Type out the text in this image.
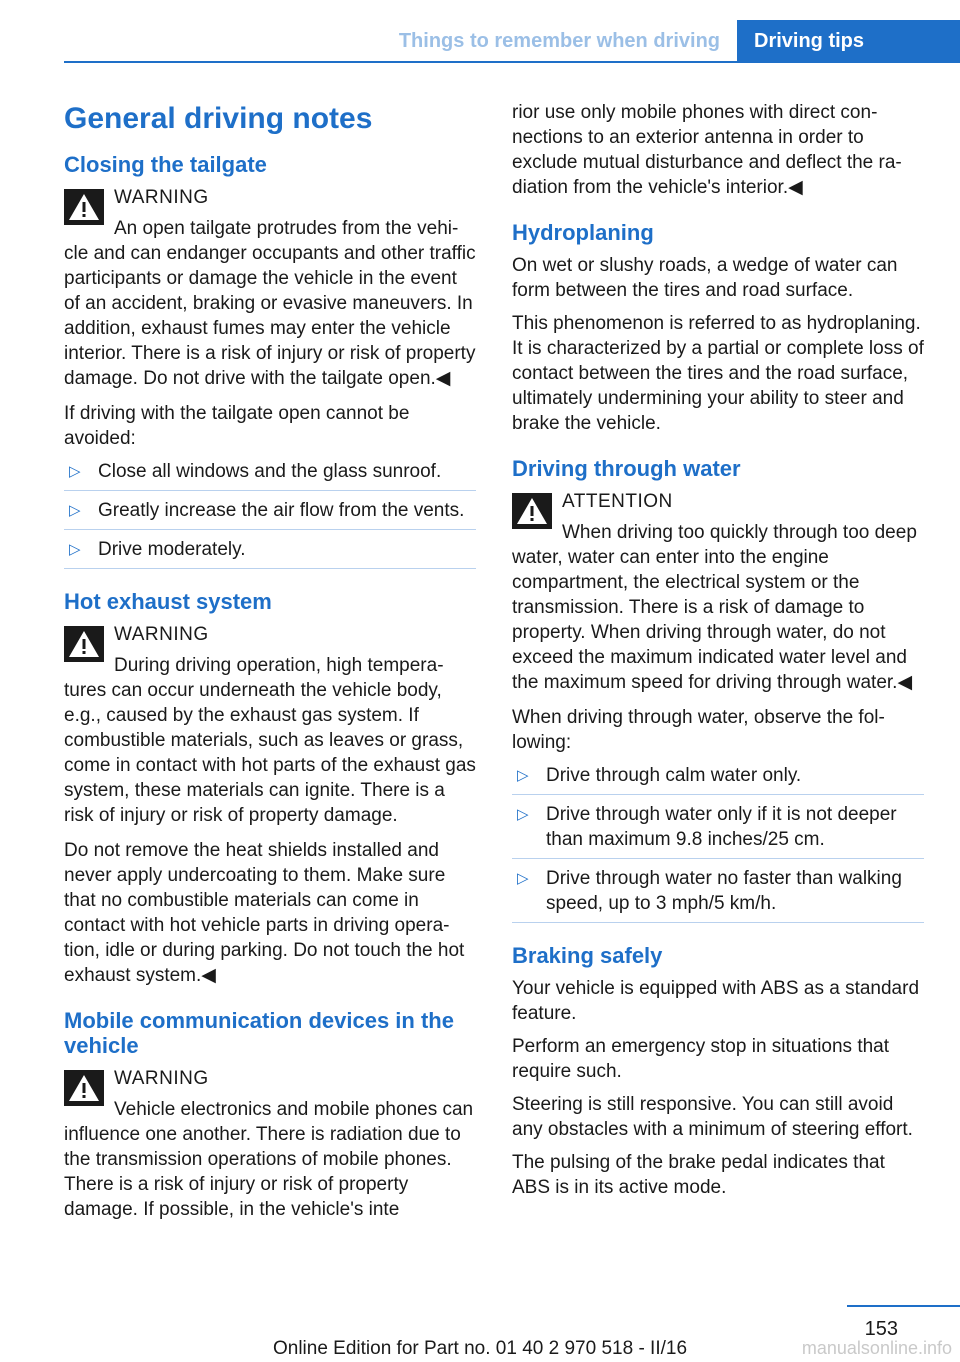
Things to remember when driving	Driving tips
General driving notes
Closing the tailgate
WARNING
An open tailgate protrudes from the vehicle and can endanger occupants and other traffic participants or damage the vehicle in the event of an accident, braking or evasive maneuvers. In addition, exhaust fumes may enter the vehicle interior. There is a risk of injury or risk of property damage. Do not drive with the tailgate open.◀

If driving with the tailgate open cannot be avoided:

▷ Close all windows and the glass sunroof.
▷ Greatly increase the air flow from the vents.
▷ Drive moderately.
Hot exhaust system
WARNING
During driving operation, high temperatures can occur underneath the vehicle body, e.g., caused by the exhaust gas system. If combustible materials, such as leaves or grass, come in contact with hot parts of the exhaust gas system, these materials can ignite. There is a risk of injury or risk of property damage.

Do not remove the heat shields installed and never apply undercoating to them. Make sure that no combustible materials can come in contact with hot vehicle parts in driving operation, idle or during parking. Do not touch the hot exhaust system.◀

Mobile communication devices in the vehicle
WARNING
Vehicle electronics and mobile phones can influence one another. There is radiation due to the transmission operations of mobile phones. There is a risk of injury or risk of property damage. If possible, in the vehicle's inte

rior use only mobile phones with direct connections to an exterior antenna in order to exclude mutual disturbance and deflect the radiation from the vehicle's interior.◀

Hydroplaning

On wet or slushy roads, a wedge of water can form between the tires and road surface.

This phenomenon is referred to as hydroplaning. It is characterized by a partial or complete loss of contact between the tires and the road surface, ultimately undermining your ability to steer and brake the vehicle.

Driving through water
ATTENTION
When driving too quickly through too deep water, water can enter into the engine compartment, the electrical system or the transmission. There is a risk of damage to property. When driving through water, do not exceed the maximum indicated water level and the maximum speed for driving through water.◀

When driving through water, observe the following:

▷ Drive through calm water only.
▷ Drive through water only if it is not deeper than maximum 9.8 inches/25 cm.
▷ Drive through water no faster than walking speed, up to 3 mph/5 km/h.
Braking safely

Your vehicle is equipped with ABS as a standard feature.

Perform an emergency stop in situations that require such.

Steering is still responsive. You can still avoid any obstacles with a minimum of steering effort.

The pulsing of the brake pedal indicates that ABS is in its active mode.

153
Online Edition for Part no. 01 40 2 970 518 - II/16	manualsonline.info
